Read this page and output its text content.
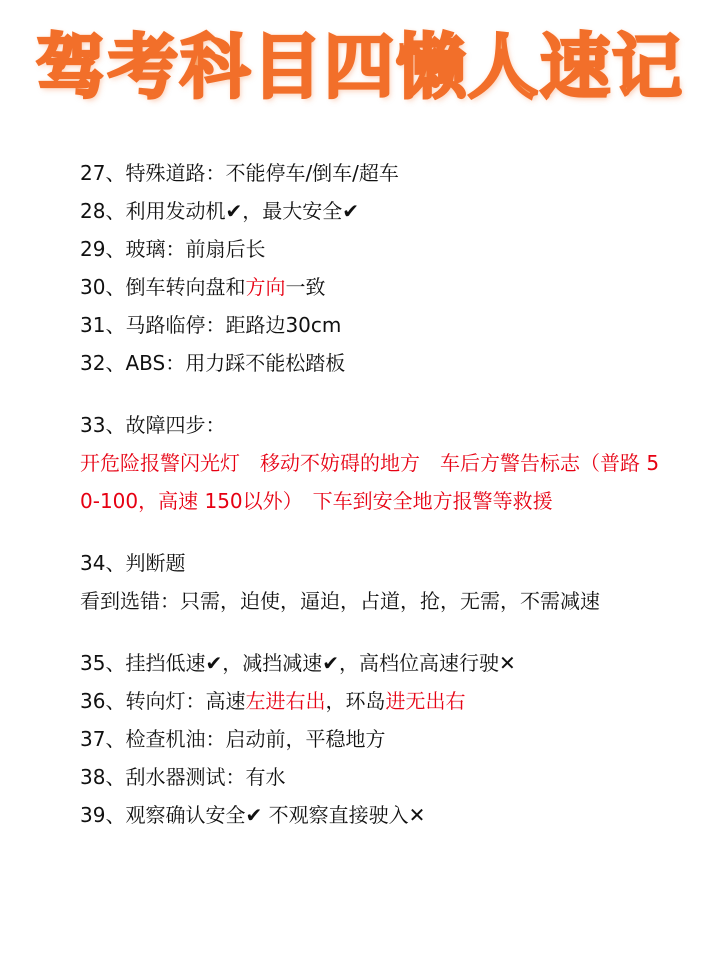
驾考科目四懒人速记
27、特殊道路：不能停车/倒车/超车
28、利用发动机✔，最大安全✔
29、玻璃：前扇后长
30、倒车转向盘和方向一致
31、马路临停：距路边30cm
32、ABS：用力踩不能松踏板
33、故障四步：
开危险报警闪光灯　移动不妨碍的地方　车后方警告标志（普路 50-100，高速 150以外）　下车到安全地方报警等救援
34、判断题
看到选错：只需，迫使，逼迫，占道，抢，无需，不需减速
35、挂挡低速✔，减挡减速✔，高档位高速行驶✕
36、转向灯：高速左进右出，环岛进无出右
37、检查机油：启动前，平稳地方
38、刮水器测试：有水
39、观察确认安全✔ 不观察直接驶入✕
